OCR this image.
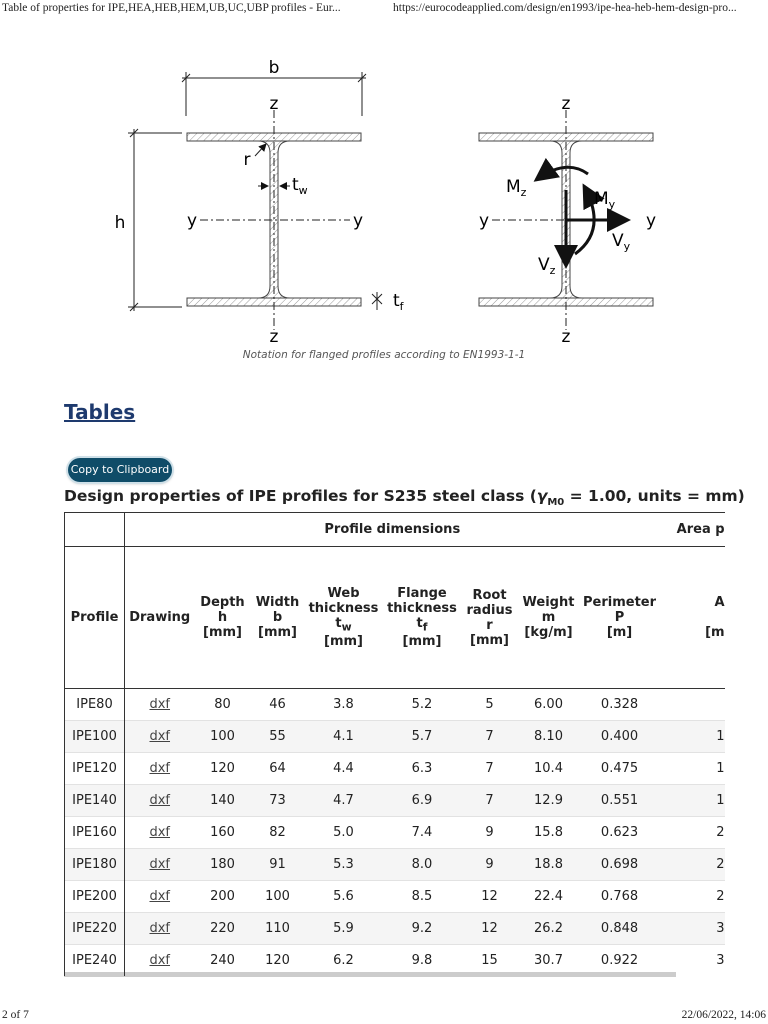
Table of properties for IPE,HEA,HEB,HEM,UB,UC,UBP profiles - Eur...	https://eurocodeapplied.com/design/en1993/ipe-hea-heb-hem-design-pro...
b
h
z
z
y	y
r
$t_w$
$t_f$
z
z
y	y
$M_z$	$M_y$
$V_y$
$V_z$
Notation for flanged profiles according to EN1993-1-1
Tables
Copy to Clipboard
Design properties of IPE profiles for S235 steel class ($\gamma_{M0} = 1.00$, units = mm)
	Profile dimensions								Area p
Profile	Drawing	Depth
h
[mm]	Width
b
[mm]	Web
thickness
$t_w$
[mm]	Flange
thickness
$t_f$
[mm]	Root
radius
r
[mm]	Weight
m
[kg/m]	Perimeter
P
[m]	A

[m
IPE80	dxf	80	46	3.8	5.2	5	6.00	0.328	
IPE100	dxf	100	55	4.1	5.7	7	8.10	0.400	1
IPE120	dxf	120	64	4.4	6.3	7	10.4	0.475	1
IPE140	dxf	140	73	4.7	6.9	7	12.9	0.551	1
IPE160	dxf	160	82	5.0	7.4	9	15.8	0.623	2
IPE180	dxf	180	91	5.3	8.0	9	18.8	0.698	2
IPE200	dxf	200	100	5.6	8.5	12	22.4	0.768	2
IPE220	dxf	220	110	5.9	9.2	12	26.2	0.848	3
IPE240	dxf	240	120	6.2	9.8	15	30.7	0.922	3
2 of 7	22/06/2022, 14:06
